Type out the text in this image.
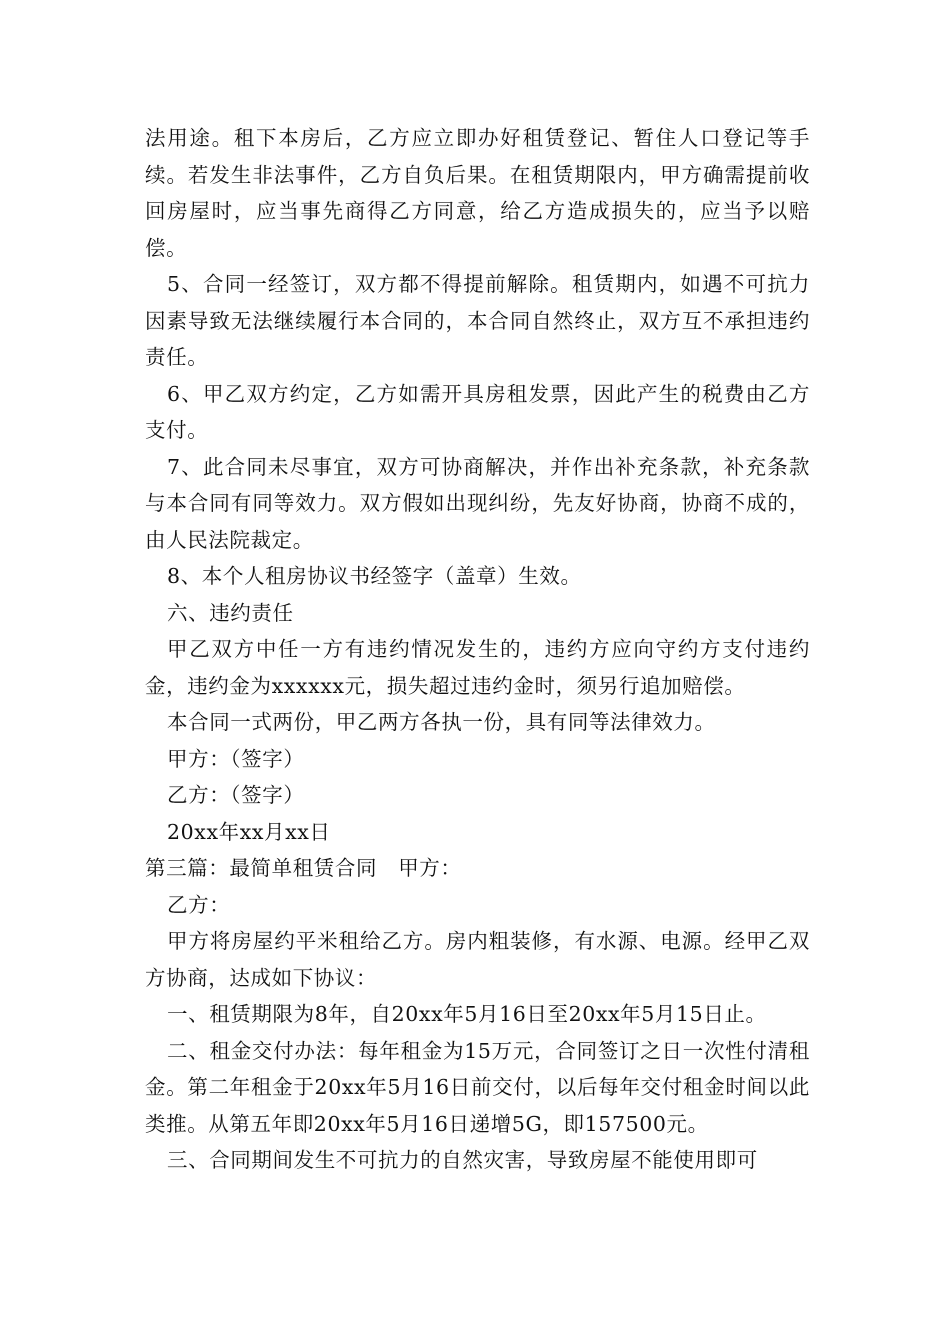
法用途。租下本房后，乙方应立即办好租赁登记、暂住人口登记等手续。若发生非法事件，乙方自负后果。在租赁期限内，甲方确需提前收回房屋时，应当事先商得乙方同意，给乙方造成损失的，应当予以赔偿。

5、合同一经签订，双方都不得提前解除。租赁期内，如遇不可抗力因素导致无法继续履行本合同的，本合同自然终止，双方互不承担违约责任。

6、甲乙双方约定，乙方如需开具房租发票，因此产生的税费由乙方支付。

7、此合同未尽事宜，双方可协商解决，并作出补充条款，补充条款与本合同有同等效力。双方假如出现纠纷，先友好协商，协商不成的，由人民法院裁定。

8、本个人租房协议书经签字（盖章）生效。

六、违约责任

甲乙双方中任一方有违约情况发生的，违约方应向守约方支付违约金，违约金为xxxxxx元，损失超过违约金时，须另行追加赔偿。

本合同一式两份，甲乙两方各执一份，具有同等法律效力。

甲方：（签字）

乙方：（签字）

20xx年xx月xx日

第三篇：最简单租赁合同　甲方：

乙方：

甲方将房屋约平米租给乙方。房内粗装修，有水源、电源。经甲乙双方协商，达成如下协议：

一、租赁期限为8年，自20xx年5月16日至20xx年5月15日止。

二、租金交付办法：每年租金为15万元，合同签订之日一次性付清租金。第二年租金于20xx年5月16日前交付，以后每年交付租金时间以此类推。从第五年即20xx年5月16日递增5G，即157500元。

三、合同期间发生不可抗力的自然灾害，导致房屋不能使用即可
